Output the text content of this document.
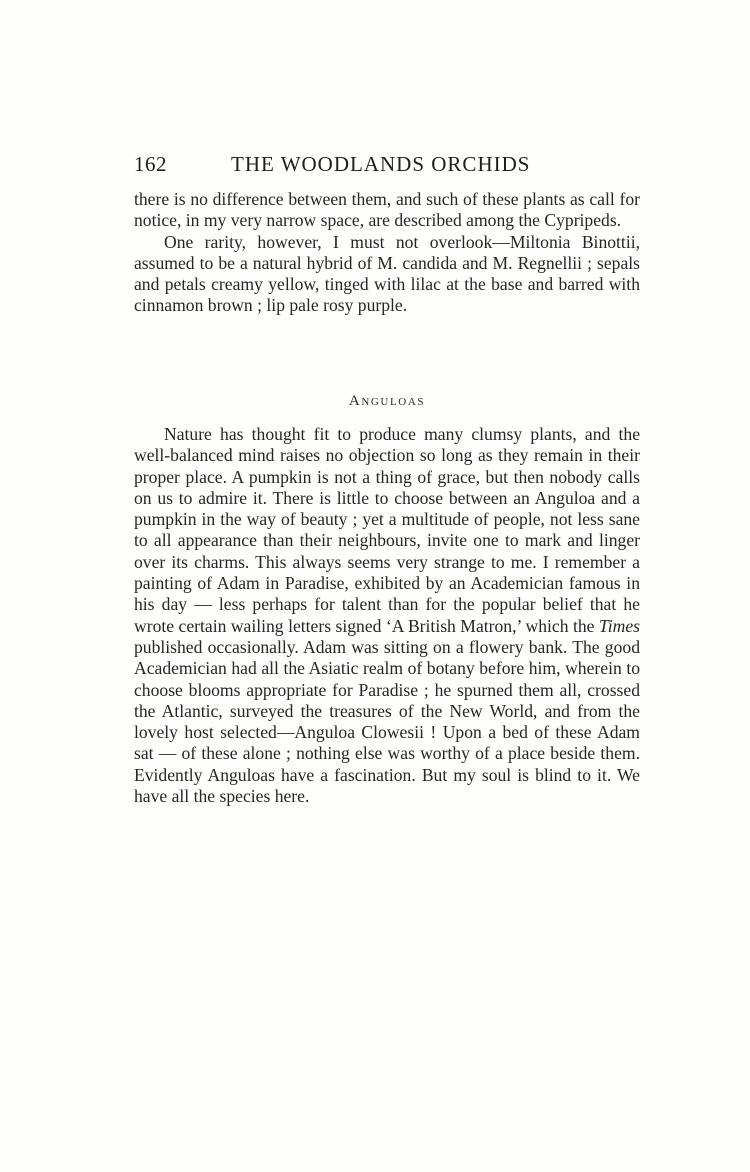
162	THE WOODLANDS ORCHIDS

there is no difference between them, and such of these plants as call for notice, in my very narrow space, are described among the Cypripeds.

One rarity, however, I must not overlook—Miltonia Binottii, assumed to be a natural hybrid of M. candida and M. Regnellii ; sepals and petals creamy yellow, tinged with lilac at the base and barred with cinnamon brown ; lip pale rosy purple.

Anguloas

Nature has thought fit to produce many clumsy plants, and the well-balanced mind raises no objection so long as they remain in their proper place. A pumpkin is not a thing of grace, but then nobody calls on us to admire it. There is little to choose between an Anguloa and a pumpkin in the way of beauty ; yet a multitude of people, not less sane to all appearance than their neighbours, invite one to mark and linger over its charms. This always seems very strange to me. I remember a painting of Adam in Paradise, exhibited by an Academician famous in his day — less perhaps for talent than for the popular belief that he wrote certain wailing letters signed ‘A British Matron,’ which the Times published occasionally. Adam was sitting on a flowery bank. The good Academician had all the Asiatic realm of botany before him, wherein to choose blooms appropriate for Paradise ; he spurned them all, crossed the Atlantic, surveyed the treasures of the New World, and from the lovely host selected—Anguloa Clowesii ! Upon a bed of these Adam sat — of these alone ; nothing else was worthy of a place beside them. Evidently Anguloas have a fascination. But my soul is blind to it. We have all the species here.
